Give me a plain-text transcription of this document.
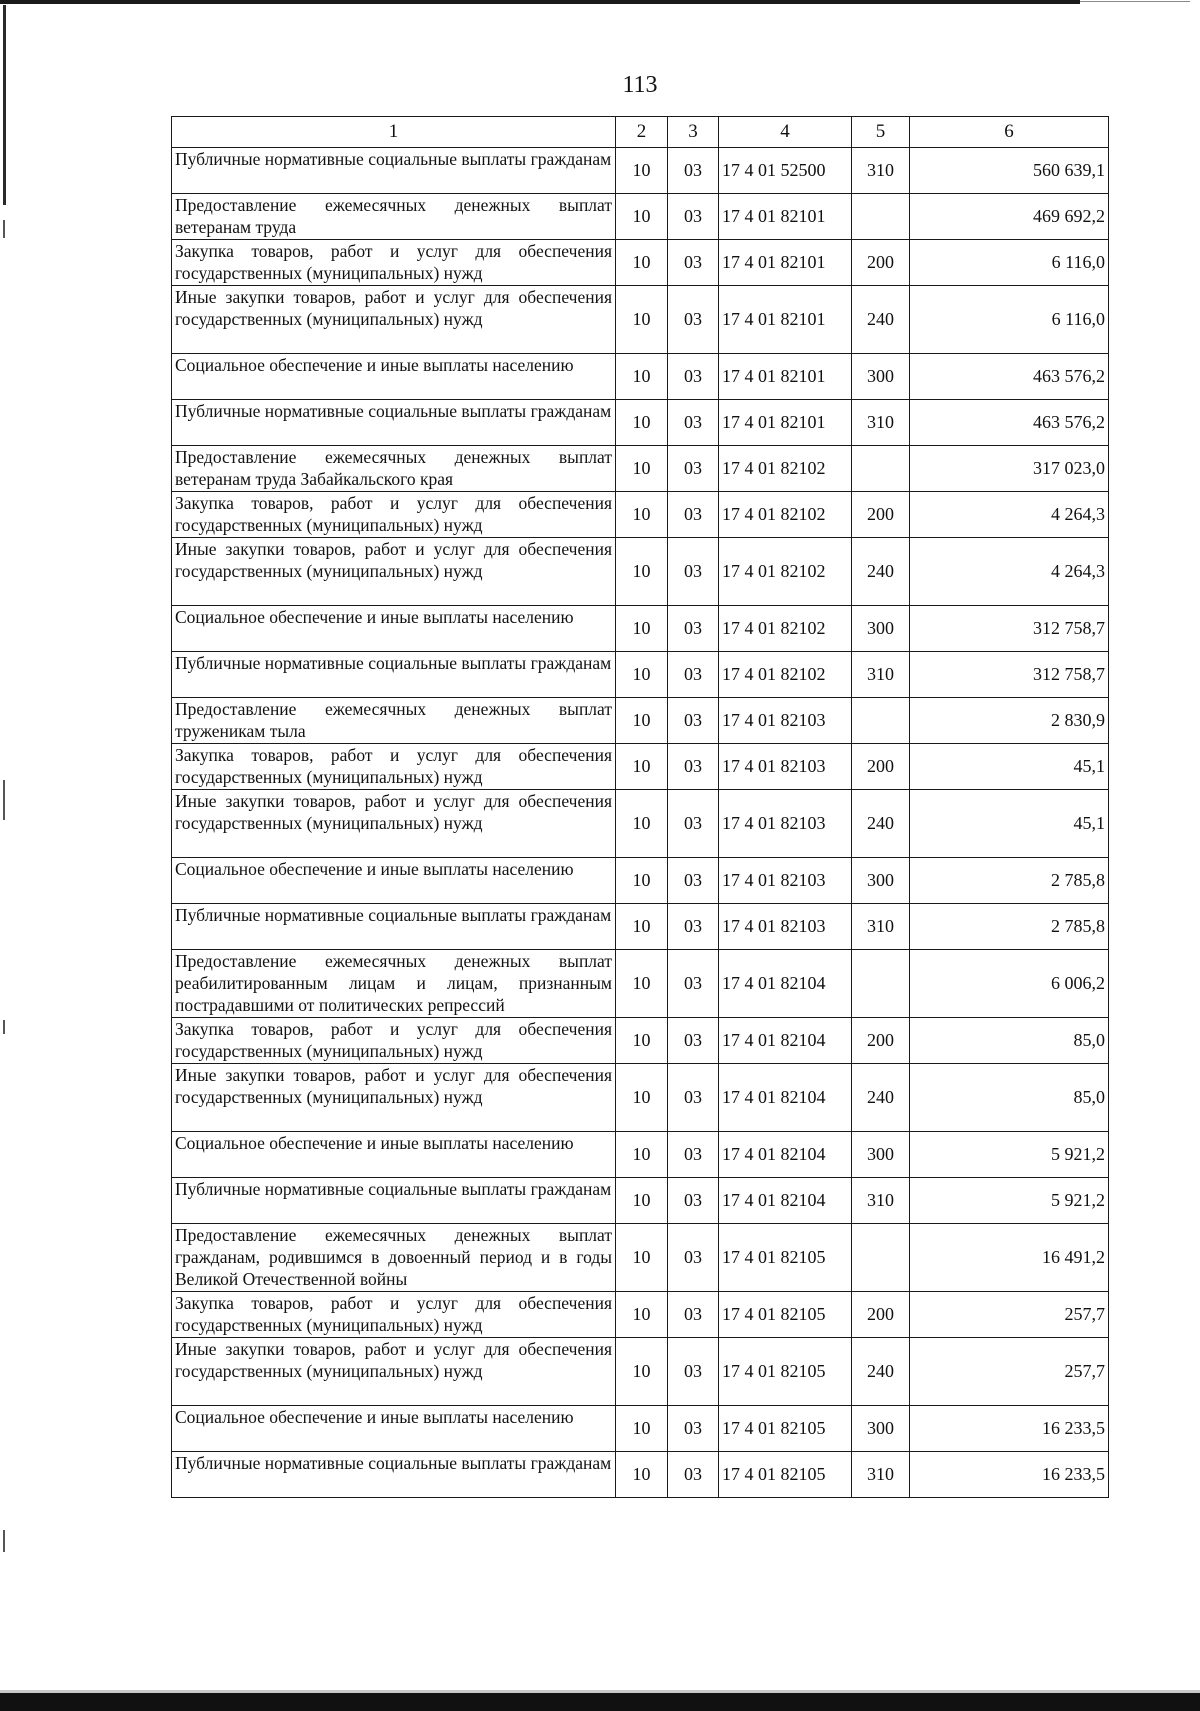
113
1	2	3	4	5	6
Публичные нормативные социальные выплаты гражданам	10	03	17 4 01 52500	310	560 639,1
Предоставление ежемесячных денежных выплат ветеранам труда	10	03	17 4 01 82101		469 692,2
Закупка товаров, работ и услуг для обеспечения государственных (муниципальных) нужд	10	03	17 4 01 82101	200	6 116,0
Иные закупки товаров, работ и услуг для обеспечения государственных (муниципальных) нужд	10	03	17 4 01 82101	240	6 116,0
Социальное обеспечение и иные выплаты населению	10	03	17 4 01 82101	300	463 576,2
Публичные нормативные социальные выплаты гражданам	10	03	17 4 01 82101	310	463 576,2
Предоставление ежемесячных денежных выплат ветеранам труда Забайкальского края	10	03	17 4 01 82102		317 023,0
Закупка товаров, работ и услуг для обеспечения государственных (муниципальных) нужд	10	03	17 4 01 82102	200	4 264,3
Иные закупки товаров, работ и услуг для обеспечения государственных (муниципальных) нужд	10	03	17 4 01 82102	240	4 264,3
Социальное обеспечение и иные выплаты населению	10	03	17 4 01 82102	300	312 758,7
Публичные нормативные социальные выплаты гражданам	10	03	17 4 01 82102	310	312 758,7
Предоставление ежемесячных денежных выплат труженикам тыла	10	03	17 4 01 82103		2 830,9
Закупка товаров, работ и услуг для обеспечения государственных (муниципальных) нужд	10	03	17 4 01 82103	200	45,1
Иные закупки товаров, работ и услуг для обеспечения государственных (муниципальных) нужд	10	03	17 4 01 82103	240	45,1
Социальное обеспечение и иные выплаты населению	10	03	17 4 01 82103	300	2 785,8
Публичные нормативные социальные выплаты гражданам	10	03	17 4 01 82103	310	2 785,8
Предоставление ежемесячных денежных выплат реабилитированным лицам и лицам, признанным пострадавшими от политических репрессий	10	03	17 4 01 82104		6 006,2
Закупка товаров, работ и услуг для обеспечения государственных (муниципальных) нужд	10	03	17 4 01 82104	200	85,0
Иные закупки товаров, работ и услуг для обеспечения государственных (муниципальных) нужд	10	03	17 4 01 82104	240	85,0
Социальное обеспечение и иные выплаты населению	10	03	17 4 01 82104	300	5 921,2
Публичные нормативные социальные выплаты гражданам	10	03	17 4 01 82104	310	5 921,2
Предоставление ежемесячных денежных выплат гражданам, родившимся в довоенный период и в годы Великой Отечественной войны	10	03	17 4 01 82105		16 491,2
Закупка товаров, работ и услуг для обеспечения государственных (муниципальных) нужд	10	03	17 4 01 82105	200	257,7
Иные закупки товаров, работ и услуг для обеспечения государственных (муниципальных) нужд	10	03	17 4 01 82105	240	257,7
Социальное обеспечение и иные выплаты населению	10	03	17 4 01 82105	300	16 233,5
Публичные нормативные социальные выплаты гражданам	10	03	17 4 01 82105	310	16 233,5
